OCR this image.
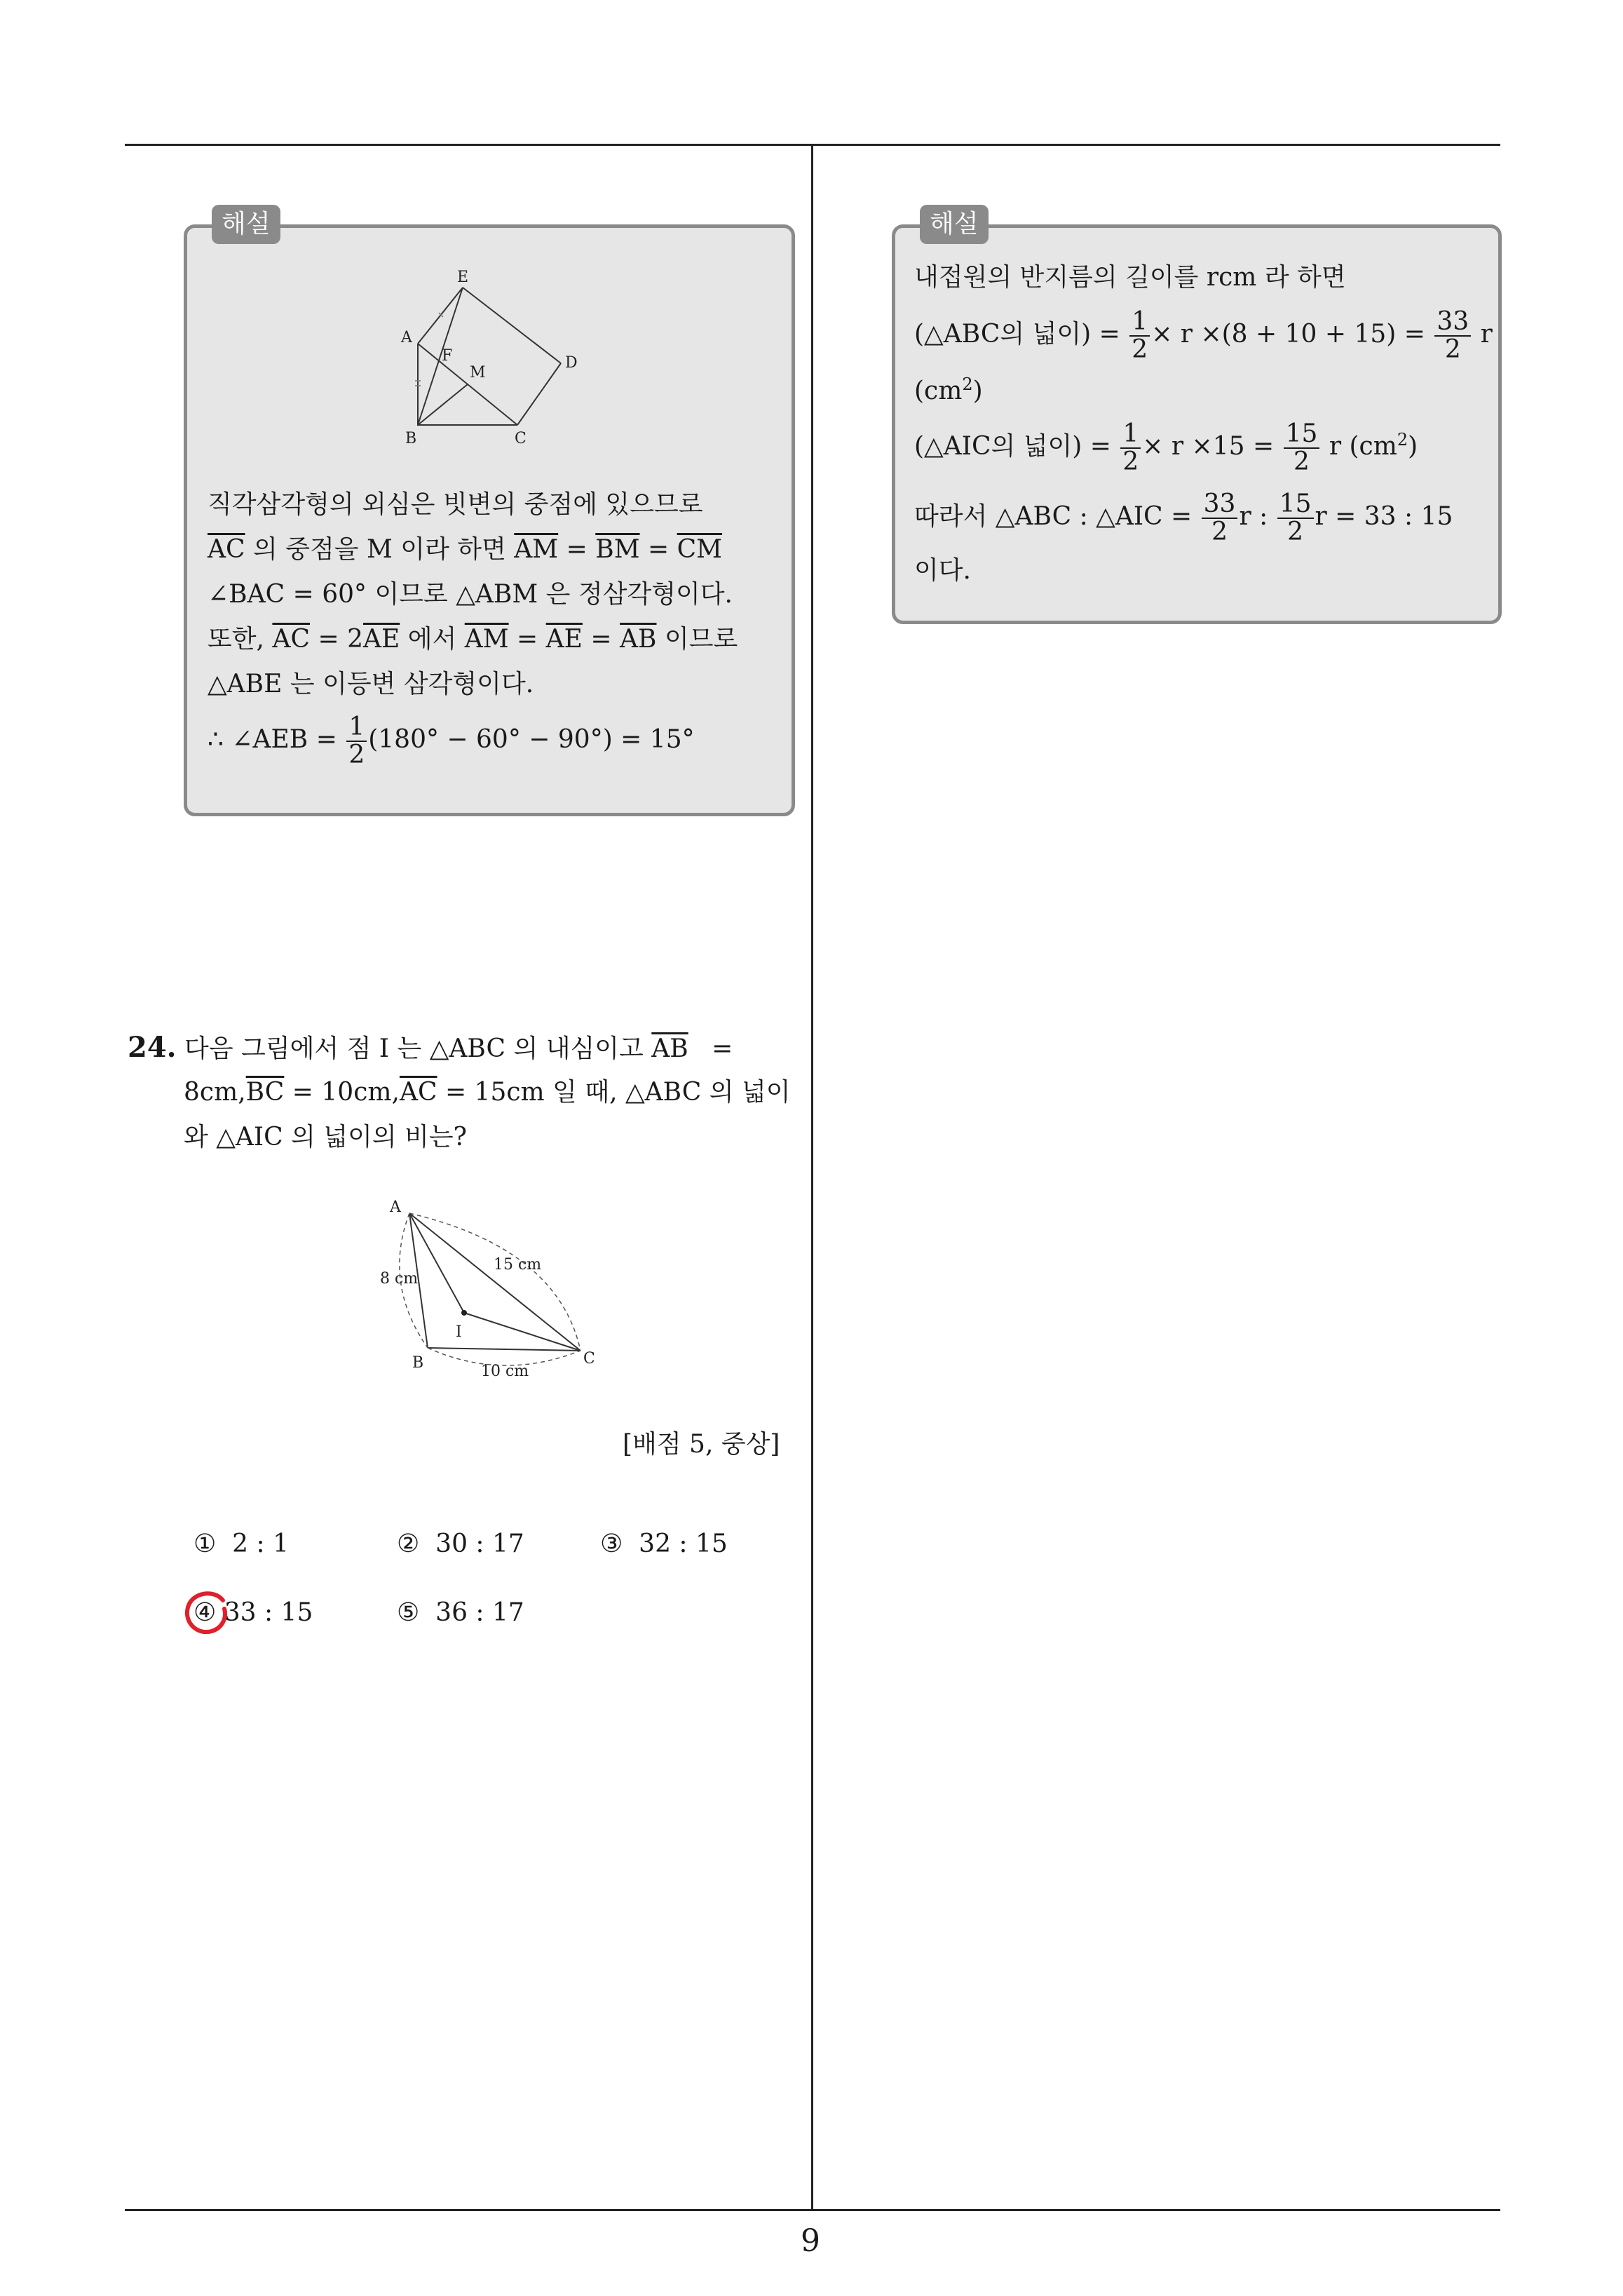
9
해설
E
A
F
M
D
B	C
직각삼각형의 외심은 빗변의 중점에 있으므로
$\overline{AC}$ 의 중점을 M 이라 하면 $\overline{AM} = \overline{BM} = \overline{CM}$
∠BAC = 60° 이므로 △ABM 은 정삼각형이다.
또한, $\overline{AC} = 2\overline{AE}$ 에서 $\overline{AM} = \overline{AE} = \overline{AB}$ 이므로
△ABE 는 이등변 삼각형이다.
∴ ∠AEB = $\frac{1}{2} (180^\circ - 60^\circ - 90^\circ) = 15^\circ$
24. 다음 그림에서 점 I 는 △ABC 의 내심이고 $\overline{AB}$ =
$8cm,\overline{BC} = 10cm,\overline{AC} = 15cm$ 일 때, △ABC 의 넓이
와 △AIC 의 넓이의 비는?
A
B	C
I
8 cm
15 cm
10 cm
[배점 5, 중상]
① 2 : 1	② 30 : 17	③ 32 : 15
④ 33 : 15	⑤ 36 : 17
해설
내접원의 반지름의 길이를 rcm 라 하면
(△ABC의 넓이) = $\frac{1}{2} \times r \times(8 + 10 + 15) = \frac{33}{2}$ r
$(cm^2)$
(△AIC의 넓이) = $\frac{1}{2} \times r \times 15 = \frac{15}{2}$ r $(cm^2)$
따라서 △ABC : △AIC = $\frac{33}{2}$ r : $\frac{15}{2}$ r = 33 : 15
이다.
